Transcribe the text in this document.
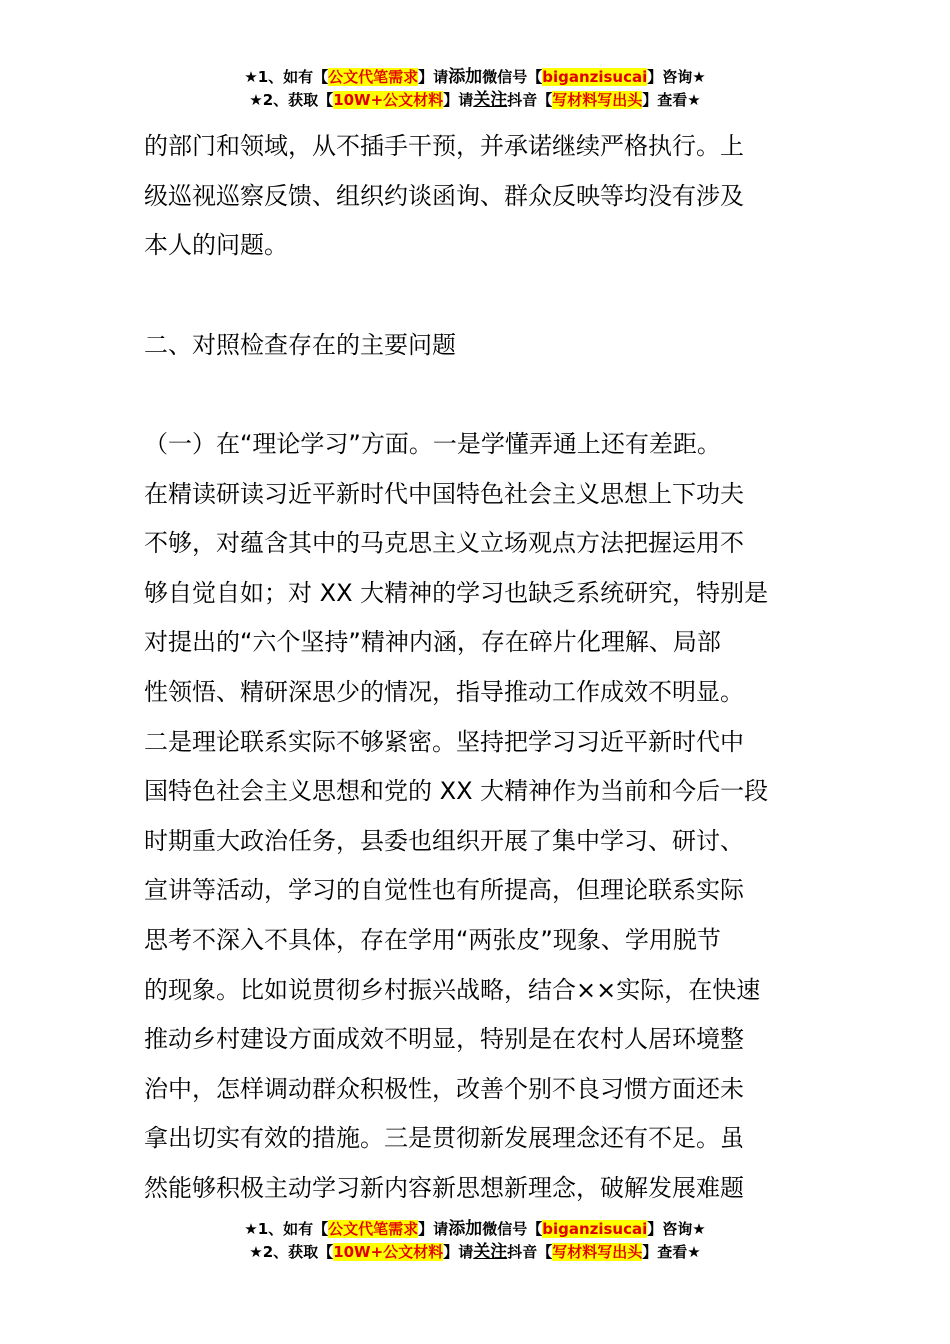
★1、如有【公文代笔需求】请添加微信号【biganzisucai】咨询★
★2、获取【10W+公文材料】请关注抖音【写材料写出头】查看★
的部门和领域，从不插手干预，并承诺继续严格执行。上
级巡视巡察反馈、组织约谈函询、群众反映等均没有涉及
本人的问题。
二、对照检查存在的主要问题
（一）在“理论学习”方面。一是学懂弄通上还有差距。
在精读研读习近平新时代中国特色社会主义思想上下功夫
不够，对蕴含其中的马克思主义立场观点方法把握运用不
够自觉自如；对 XX 大精神的学习也缺乏系统研究，特别是
对提出的“六个坚持”精神内涵，存在碎片化理解、局部
性领悟、精研深思少的情况，指导推动工作成效不明显。
二是理论联系实际不够紧密。坚持把学习习近平新时代中
国特色社会主义思想和党的 XX 大精神作为当前和今后一段
时期重大政治任务，县委也组织开展了集中学习、研讨、
宣讲等活动，学习的自觉性也有所提高，但理论联系实际
思考不深入不具体，存在学用“两张皮”现象、学用脱节
的现象。比如说贯彻乡村振兴战略，结合××实际，在快速
推动乡村建设方面成效不明显，特别是在农村人居环境整
治中，怎样调动群众积极性，改善个别不良习惯方面还未
拿出切实有效的措施。三是贯彻新发展理念还有不足。虽
然能够积极主动学习新内容新思想新理念，破解发展难题
★1、如有【公文代笔需求】请添加微信号【biganzisucai】咨询★
★2、获取【10W+公文材料】请关注抖音【写材料写出头】查看★
